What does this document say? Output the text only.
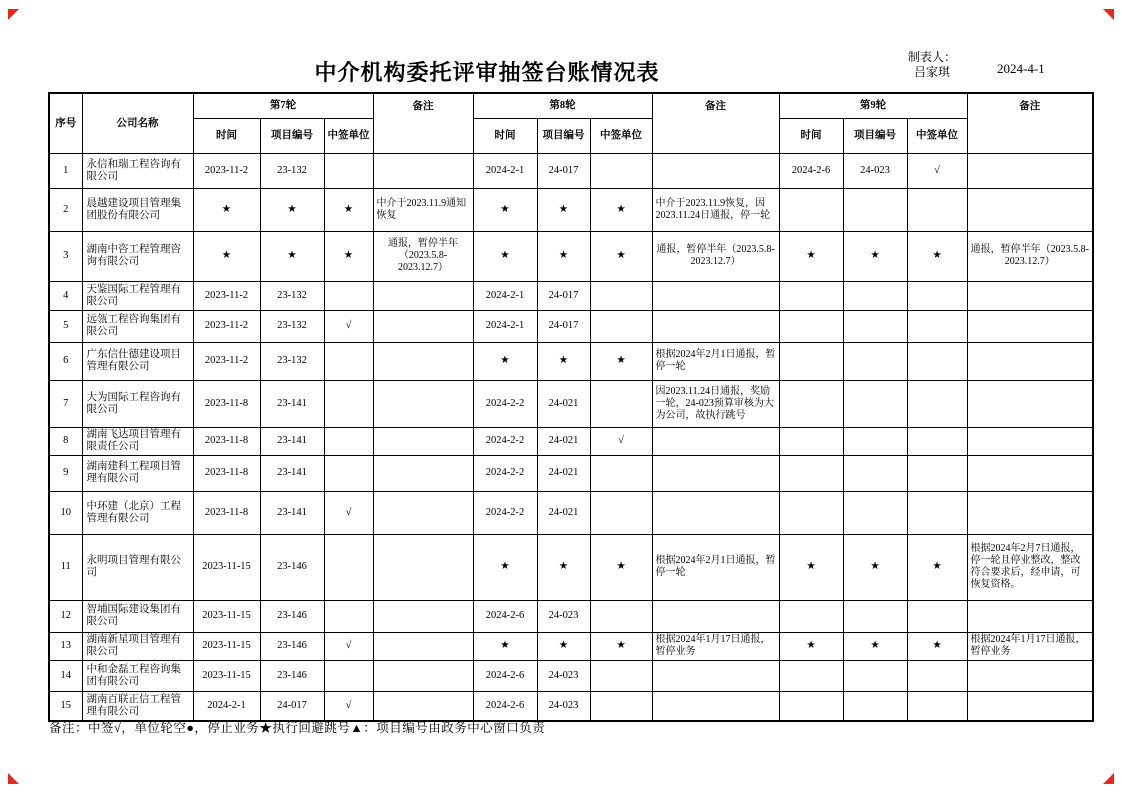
中介机构委托评审抽签台账情况表
制表人：
吕家琪	2024-4-1
序号	公司名称	第7轮			备注	第8轮			备注	第9轮			备注
		时间	项目编号	中签单位		时间	项目编号	中签单位		时间	项目编号	中签单位	
1	永信和瑞工程咨询有限公司	2023-11-2	23-132			2024-2-1	24-017			2024-2-6	24-023	√	
2	晨越建设项目管理集团股份有限公司	★	★	★	中介于2023.11.9通知恢复	★	★	★	中介于2023.11.9恢复，因2023.11.24日通报，停一轮				
3	湖南中咨工程管理咨询有限公司	★	★	★	通报，暂停半年（2023.5.8-2023.12.7）	★	★	★	通报，暂停半年（2023.5.8-2023.12.7）	★	★	★	通报，暂停半年（2023.5.8-2023.12.7）
4	天鉴国际工程管理有限公司	2023-11-2	23-132			2024-2-1	24-017						
5	远瓴工程咨询集团有限公司	2023-11-2	23-132	√		2024-2-1	24-017						
6	广东信仕德建设项目管理有限公司	2023-11-2	23-132			★	★	★	根据2024年2月1日通报，暂停一轮				
7	大为国际工程咨询有限公司	2023-11-8	23-141			2024-2-2	24-021		因2023.11.24日通报，奖励一轮，24-023预算审核为大为公司，故执行跳号				
8	湖南飞达项目管理有限责任公司	2023-11-8	23-141			2024-2-2	24-021	√					
9	湖南建科工程项目管理有限公司	2023-11-8	23-141			2024-2-2	24-021						
10	中环建（北京）工程管理有限公司	2023-11-8	23-141	√		2024-2-2	24-021						
11	永明项目管理有限公司	2023-11-15	23-146			★	★	★	根据2024年2月1日通报，暂停一轮	★	★	★	根据2024年2月7日通报，停一轮且停业整改，整改符合要求后，经申请，可恢复资格。
12	智埔国际建设集团有限公司	2023-11-15	23-146			2024-2-6	24-023						
13	湖南新星项目管理有限公司	2023-11-15	23-146	√		★	★	★	根据2024年1月17日通报，暂停业务	★	★	★	根据2024年1月17日通报，暂停业务
14	中和金磊工程咨询集团有限公司	2023-11-15	23-146			2024-2-6	24-023						
15	湖南百联正信工程管理有限公司	2024-2-1	24-017	√		2024-2-6	24-023						
备注：中签√，单位轮空●，停止业务★执行回避跳号▲：项目编号由政务中心窗口负责
